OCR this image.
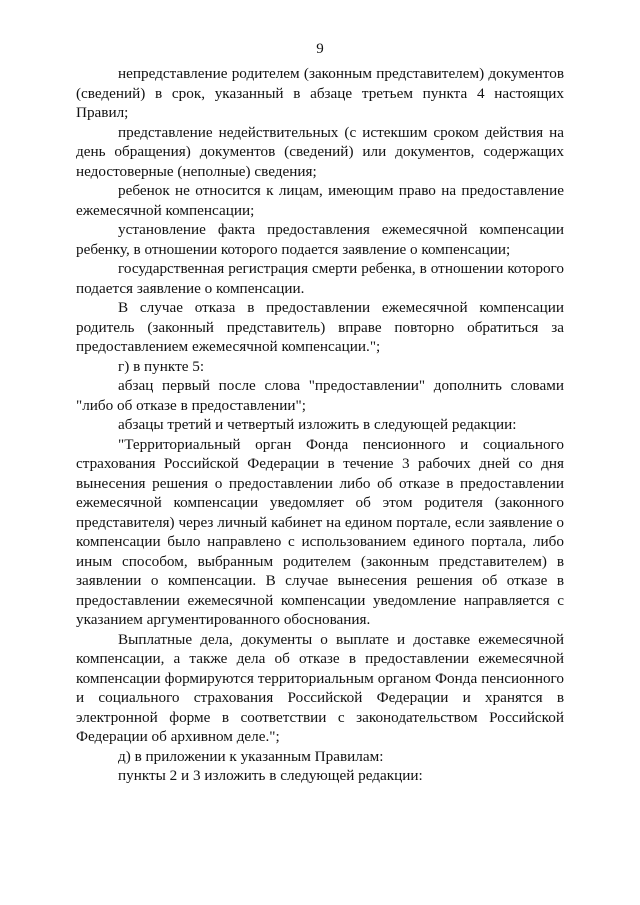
9

непредставление родителем (законным представителем) документов (сведений) в срок, указанный в абзаце третьем пункта 4 настоящих Правил;

представление недействительных (с истекшим сроком действия на день обращения) документов (сведений) или документов, содержащих недостоверные (неполные) сведения;

ребенок не относится к лицам, имеющим право на предоставление ежемесячной компенсации;

установление факта предоставления ежемесячной компенсации ребенку, в отношении которого подается заявление о компенсации;

государственная регистрация смерти ребенка, в отношении которого подается заявление о компенсации.

В случае отказа в предоставлении ежемесячной компенсации родитель (законный представитель) вправе повторно обратиться за предоставлением ежемесячной компенсации.";

г) в пункте 5:

абзац первый после слова "предоставлении" дополнить словами "либо об отказе в предоставлении";

абзацы третий и четвертый изложить в следующей редакции:

"Территориальный орган Фонда пенсионного и социального страхования Российской Федерации в течение 3 рабочих дней со дня вынесения решения о предоставлении либо об отказе в предоставлении ежемесячной компенсации уведомляет об этом родителя (законного представителя) через личный кабинет на едином портале, если заявление о компенсации было направлено с использованием единого портала, либо иным способом, выбранным родителем (законным представителем) в заявлении о компенсации. В случае вынесения решения об отказе в предоставлении ежемесячной компенсации уведомление направляется с указанием аргументированного обоснования.

Выплатные дела, документы о выплате и доставке ежемесячной компенсации, а также дела об отказе в предоставлении ежемесячной компенсации формируются территориальным органом Фонда пенсионного и социального страхования Российской Федерации и хранятся в электронной форме в соответствии с законодательством Российской Федерации об архивном деле.";

д) в приложении к указанным Правилам:

пункты 2 и 3 изложить в следующей редакции:
